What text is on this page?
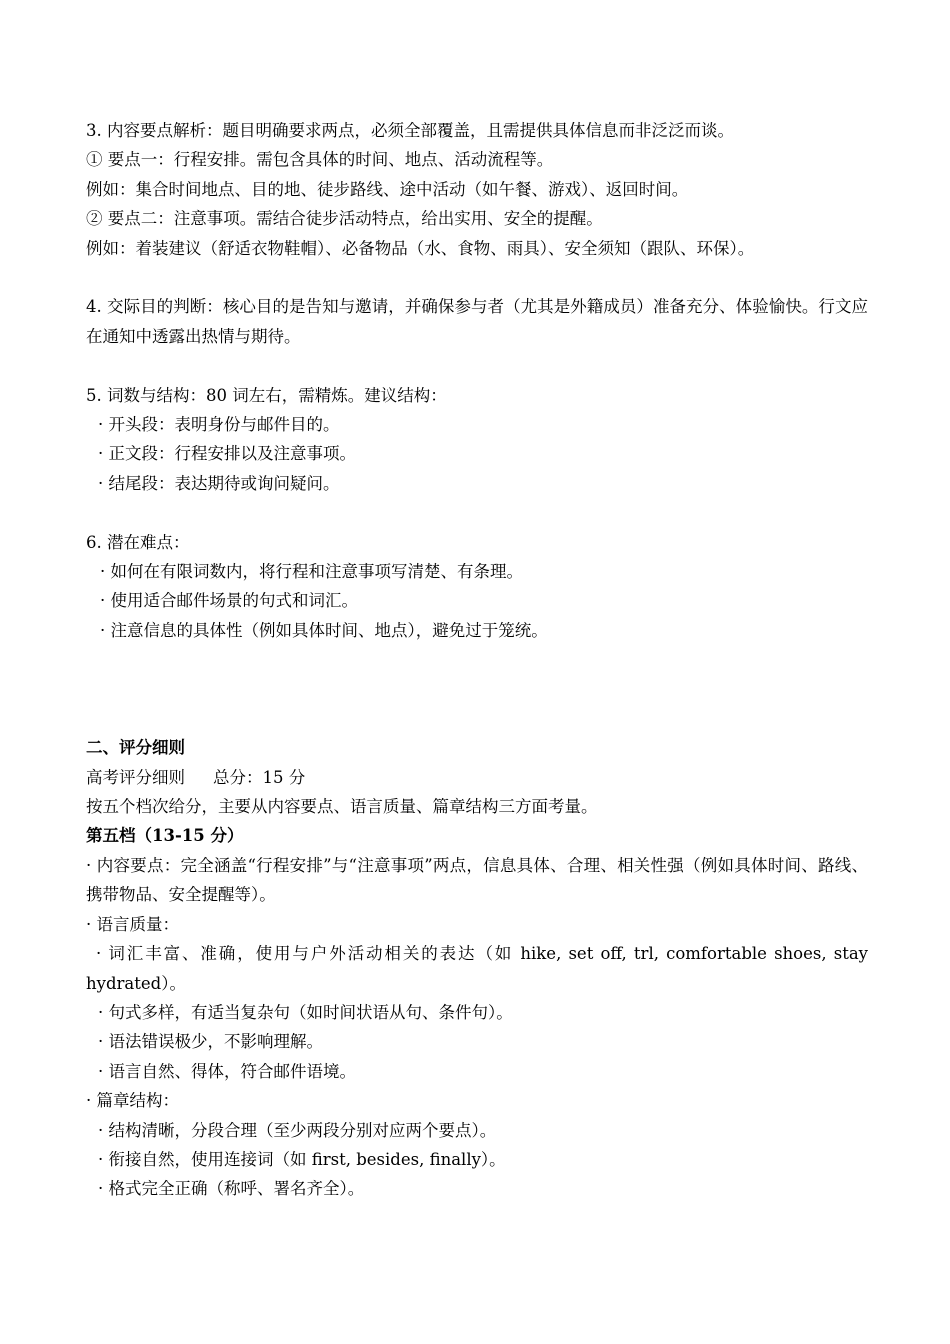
3. 内容要点解析：题目明确要求两点，必须全部覆盖，且需提供具体信息而非泛泛而谈。
① 要点一：行程安排。需包含具体的时间、地点、活动流程等。
例如：集合时间地点、目的地、徒步路线、途中活动（如午餐、游戏）、返回时间。
② 要点二：注意事项。需结合徒步活动特点，给出实用、安全的提醒。
例如：着装建议（舒适衣物鞋帽）、必备物品（水、食物、雨具）、安全须知（跟队、环保）。
4. 交际目的判断：核心目的是告知与邀请，并确保参与者（尤其是外籍成员）准备充分、体验愉快。行文应在通知中透露出热情与期待。
5. 词数与结构：80 词左右，需精炼。建议结构：
· 开头段：表明身份与邮件目的。
· 正文段：行程安排以及注意事项。
· 结尾段：表达期待或询问疑问。
6. 潜在难点：
· 如何在有限词数内，将行程和注意事项写清楚、有条理。
· 使用适合邮件场景的句式和词汇。
· 注意信息的具体性（例如具体时间、地点），避免过于笼统。
二、评分细则
高考评分细则 总分：15 分
按五个档次给分，主要从内容要点、语言质量、篇章结构三方面考量。
第五档（13-15 分）
· 内容要点：完全涵盖“行程安排”与“注意事项”两点，信息具体、合理、相关性强（例如具体时间、路线、携带物品、安全提醒等）。
· 语言质量：
· 词汇丰富、准确，使用与户外活动相关的表达（如 hike, set off, trl, comfortable shoes, stay hydrated）。
· 句式多样，有适当复杂句（如时间状语从句、条件句）。
· 语法错误极少，不影响理解。
· 语言自然、得体，符合邮件语境。
· 篇章结构：
· 结构清晰，分段合理（至少两段分别对应两个要点）。
· 衔接自然，使用连接词（如 first, besides, finally）。
· 格式完全正确（称呼、署名齐全）。
